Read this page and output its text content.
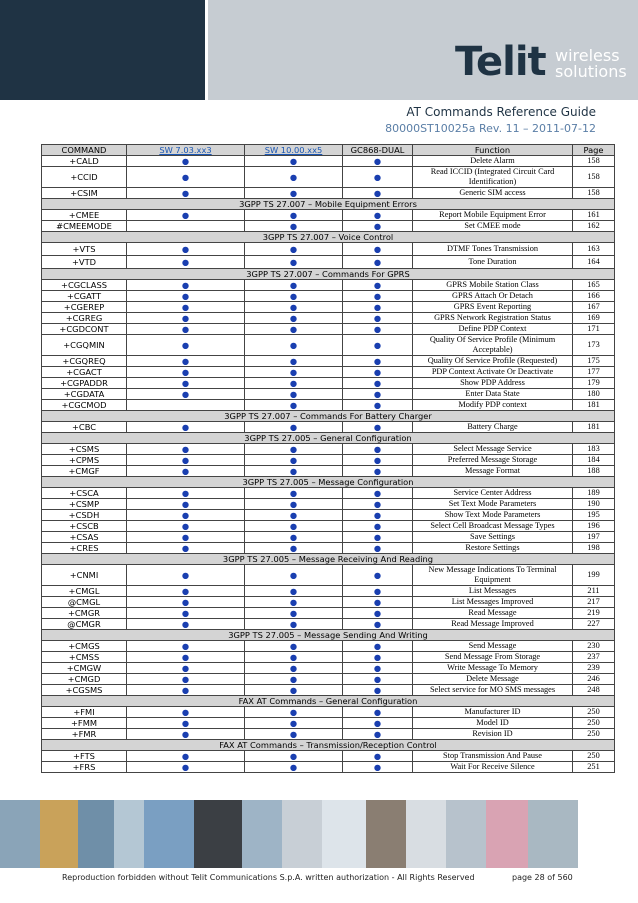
Telit wireless
solutions
AT Commands Reference Guide
80000ST10025a Rev. 11 – 2011-07-12
COMMAND	SW 7.03.xx3	SW 10.00.xx5	GC868-DUAL	Function	Page
+CALD	●	●	●	Delete Alarm	158
+CCID	●	●	●	Read ICCID (Integrated Circuit Card Identification)	158
+CSIM	●	●	●	Generic SIM access	158
3GPP TS 27.007 – Mobile Equipment Errors					
+CMEE	●	●	●	Report Mobile Equipment Error	161
#CMEEMODE		●	●	Set CMEE mode	162
3GPP TS 27.007 – Voice Control					
+VTS	●	●	●	DTMF Tones Transmission	163
+VTD	●	●	●	Tone Duration	164
3GPP TS 27.007 – Commands For GPRS					
+CGCLASS	●	●	●	GPRS Mobile Station Class	165
+CGATT	●	●	●	GPRS Attach Or Detach	166
+CGEREP	●	●	●	GPRS Event Reporting	167
+CGREG	●	●	●	GPRS Network Registration Status	169
+CGDCONT	●	●	●	Define PDP Context	171
+CGQMIN	●	●	●	Quality Of Service Profile (Minimum Acceptable)	173
+CGQREQ	●	●	●	Quality Of Service Profile (Requested)	175
+CGACT	●	●	●	PDP Context Activate Or Deactivate	177
+CGPADDR	●	●	●	Show PDP Address	179
+CGDATA	●	●	●	Enter Data State	180
+CGCMOD		●	●	Modify PDP context	181
3GPP TS 27.007 – Commands For Battery Charger					
+CBC	●	●	●	Battery Charge	181
3GPP TS 27.005 – General Configuration					
+CSMS	●	●	●	Select Message Service	183
+CPMS	●	●	●	Preferred Message Storage	184
+CMGF	●	●	●	Message Format	188
3GPP TS 27.005 – Message Configuration					
+CSCA	●	●	●	Service Center Address	189
+CSMP	●	●	●	Set Text Mode Parameters	190
+CSDH	●	●	●	Show Text Mode Parameters	195
+CSCB	●	●	●	Select Cell Broadcast Message Types	196
+CSAS	●	●	●	Save Settings	197
+CRES	●	●	●	Restore Settings	198
3GPP TS 27.005 – Message Receiving And Reading					
+CNMI	●	●	●	New Message Indications To Terminal Equipment	199
+CMGL	●	●	●	List Messages	211
@CMGL	●	●	●	List Messages Improved	217
+CMGR	●	●	●	Read Message	219
@CMGR	●	●	●	Read Message Improved	227
3GPP TS 27.005 – Message Sending And Writing					
+CMGS	●	●	●	Send Message	230
+CMSS	●	●	●	Send Message From Storage	237
+CMGW	●	●	●	Write Message To Memory	239
+CMGD	●	●	●	Delete Message	246
+CGSMS	●	●	●	Select service for MO SMS messages	248
FAX AT Commands – General Configuration					
+FMI	●	●	●	Manufacturer ID	250
+FMM	●	●	●	Model ID	250
+FMR	●	●	●	Revision ID	250
FAX AT Commands – Transmission/Reception Control					
+FTS	●	●	●	Stop Transmission And Pause	250
+FRS	●	●	●	Wait For Receive Silence	251
Reproduction forbidden without Telit Communications S.p.A. written authorization - All Rights Reserved	page 28 of 560
